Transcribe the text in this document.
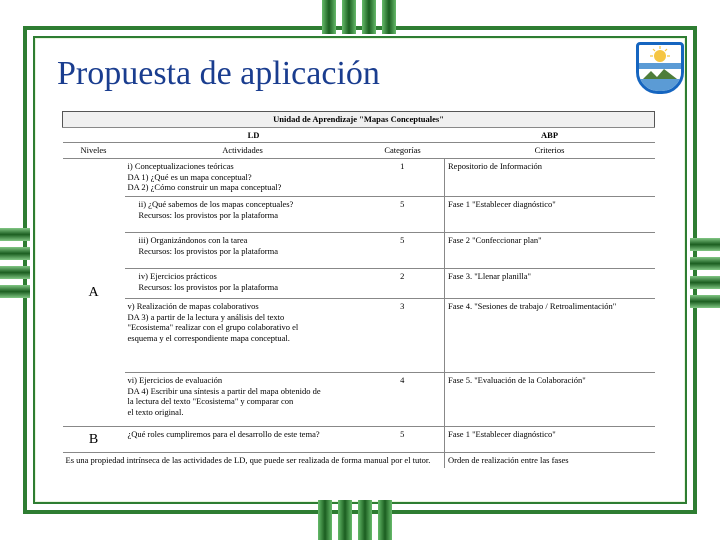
Propuesta de aplicación
Unidad de Aprendizaje "Mapas Conceptuales"			
LD			ABP
Niveles	Actividades	Categorías	Criterios
A	i) Conceptualizaciones teóricas
DA 1) ¿Qué es un mapa conceptual?
DA 2) ¿Cómo construir un mapa conceptual?	1	Repositorio de Información
	ii) ¿Qué sabemos de los mapas conceptuales?
Recursos: los provistos por la plataforma	5	Fase 1 "Establecer diagnóstico"
	iii) Organizándonos con la tarea
Recursos: los provistos por la plataforma	5	Fase 2 "Confeccionar plan"
	iv) Ejercicios prácticos
Recursos: los provistos por la plataforma	2	Fase 3. "Llenar planilla"
	v) Realización de mapas colaborativos
DA 3) a partir de la lectura y análisis del texto
"Ecosistema" realizar con el grupo colaborativo el
esquema y el correspondiente mapa conceptual.	3	Fase 4. "Sesiones de trabajo / Retroalimentación"
	vi) Ejercicios de evaluación
DA 4) Escribir una síntesis a partir del mapa obtenido de
la lectura del texto "Ecosistema" y comparar con
el texto original.	4	Fase 5. "Evaluación de la Colaboración"
B	¿Qué roles cumpliremos para el desarrollo de este tema?	5	Fase 1 "Establecer diagnóstico"
Es una propiedad intrínseca de las actividades de LD, que puede ser realizada de forma manual por el tutor.			Orden de realización entre las fases
